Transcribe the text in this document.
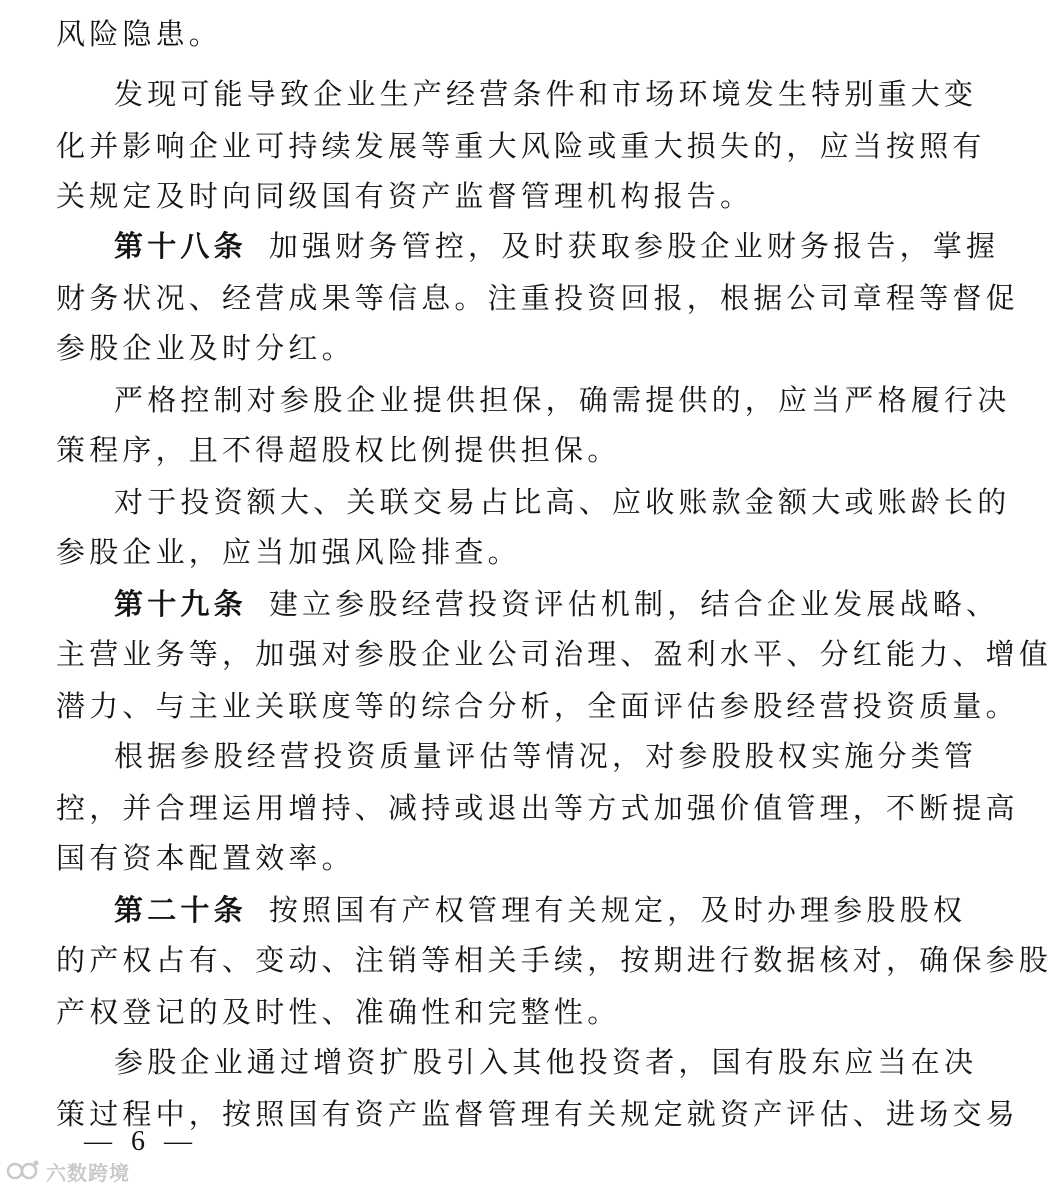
风险隐患。
发现可能导致企业生产经营条件和市场环境发生特别重大变
化并影响企业可持续发展等重大风险或重大损失的，应当按照有
关规定及时向同级国有资产监督管理机构报告。
第十八条 加强财务管控，及时获取参股企业财务报告，掌握
财务状况、经营成果等信息。注重投资回报，根据公司章程等督促
参股企业及时分红。
严格控制对参股企业提供担保，确需提供的，应当严格履行决
策程序，且不得超股权比例提供担保。
对于投资额大、关联交易占比高、应收账款金额大或账龄长的
参股企业，应当加强风险排查。
第十九条 建立参股经营投资评估机制，结合企业发展战略、
主营业务等，加强对参股企业公司治理、盈利水平、分红能力、增值
潜力、与主业关联度等的综合分析，全面评估参股经营投资质量。
根据参股经营投资质量评估等情况，对参股股权实施分类管
控，并合理运用增持、减持或退出等方式加强价值管理，不断提高
国有资本配置效率。
第二十条 按照国有产权管理有关规定，及时办理参股股权
的产权占有、变动、注销等相关手续，按期进行数据核对，确保参股
产权登记的及时性、准确性和完整性。
参股企业通过增资扩股引入其他投资者，国有股东应当在决
策过程中，按照国有资产监督管理有关规定就资产评估、进场交易
— 6 —
六数跨境
